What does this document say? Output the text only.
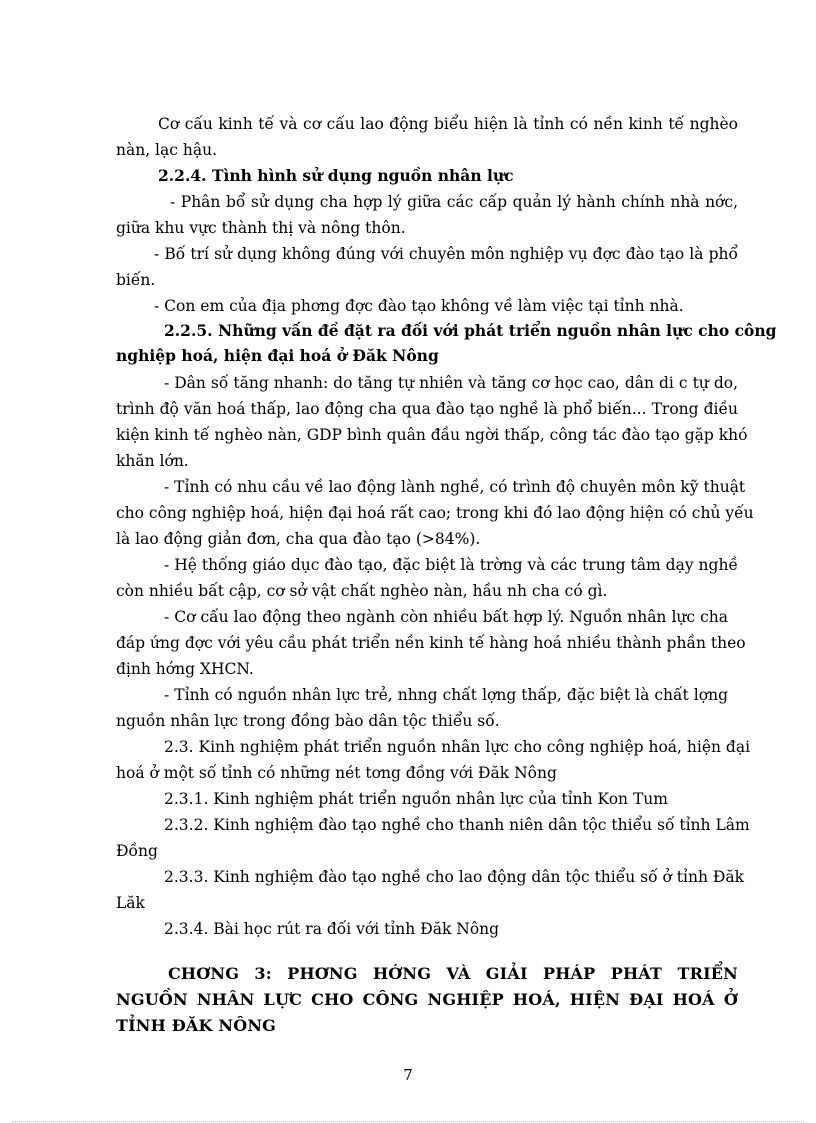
Cơ cấu kinh tế và cơ cấu lao động biểu hiện là tỉnh có nền kinh tế nghèo

nàn, lạc hậu.

2.2.4. Tình hình sử dụng nguồn nhân lực

- Phân bổ sử dụng cha hợp lý giữa các cấp quản lý hành chính nhà nớc,

giữa khu vực thành thị và nông thôn.

- Bố trí sử dụng không đúng với chuyên môn nghiệp vụ đợc đào tạo là phổ

biến.

- Con em của địa phơng đợc đào tạo không về làm việc tại tỉnh nhà.

2.2.5. Những vấn đề đặt ra đối với phát triển nguồn nhân lực cho công

nghiệp hoá, hiện đại hoá ở Đăk Nông

- Dân số tăng nhanh: do tăng tự nhiên và tăng cơ học cao, dân di c tự do,

trình độ văn hoá thấp, lao động cha qua đào tạo nghề là phổ biến... Trong điều

kiện kinh tế nghèo nàn, GDP bình quân đầu ngời thấp, công tác đào tạo gặp khó

khăn lớn.

- Tỉnh có nhu cầu về lao động lành nghề, có trình độ chuyên môn kỹ thuật

cho công nghiệp hoá, hiện đại hoá rất cao; trong khi đó lao động hiện có chủ yếu

là lao động giản đơn, cha qua đào tạo (>84%).

- Hệ thống giáo dục đào tạo, đặc biệt là trờng và các trung tâm dạy nghề

còn nhiều bất cập, cơ sở vật chất nghèo nàn, hầu nh cha có gì.

- Cơ cấu lao động theo ngành còn nhiều bất hợp lý. Nguồn nhân lực cha

đáp ứng đợc với yêu cầu phát triển nền kinh tế hàng hoá nhiều thành phần theo

định hớng XHCN.

- Tỉnh có nguồn nhân lực trẻ, nhng chất lợng thấp, đặc biệt là chất lợng

nguồn nhân lực trong đồng bào dân tộc thiểu số.

2.3. Kinh nghiệm phát triển nguồn nhân lực cho công nghiệp hoá, hiện đại

hoá ở một số tỉnh có những nét tơng đồng với Đăk Nông

2.3.1. Kinh nghiệm phát triển nguồn nhân lực của tỉnh Kon Tum

2.3.2. Kinh nghiệm đào tạo nghề cho thanh niên dân tộc thiểu số tỉnh Lâm

Đồng

2.3.3. Kinh nghiệm đào tạo nghề cho lao động dân tộc thiểu số ở tỉnh Đăk

Lăk

2.3.4. Bài học rút ra đối với tỉnh Đăk Nông

CHƠNG 3: PHƠNG HỚNG VÀ GIẢI PHÁP PHÁT TRIỂN

NGUỒN NHÂN LỰC CHO CÔNG NGHIỆP HOÁ, HIỆN ĐẠI HOÁ Ở

TỈNH ĐĂK NÔNG

7
